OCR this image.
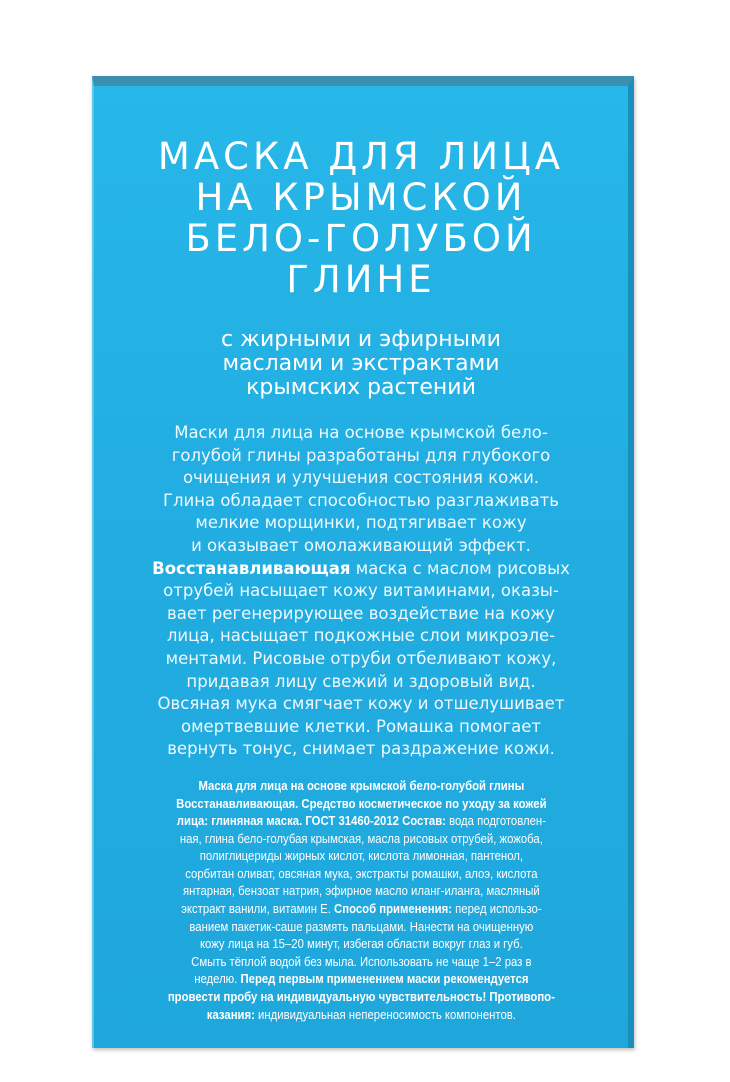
МАСКА ДЛЯ ЛИЦА
НА КРЫМСКОЙ
БЕЛО-ГОЛУБОЙ
ГЛИНЕ
с жирными и эфирными
маслами и экстрактами
крымских растений
Маски для лица на основе крымской бело-
голубой глины разработаны для глубокого
очищения и улучшения состояния кожи.
Глина обладает способностью разглаживать
мелкие морщинки, подтягивает кожу
и оказывает омолаживающий эффект.
Восстанавливающая маска с маслом рисовых
отрубей насыщает кожу витаминами, оказы-
вает регенерирующее воздействие на кожу
лица, насыщает подкожные слои микроэле-
ментами. Рисовые отруби отбеливают кожу,
придавая лицу свежий и здоровый вид.
Овсяная мука смягчает кожу и отшелушивает
омертвевшие клетки. Ромашка помогает
вернуть тонус, снимает раздражение кожи.
Маска для лица на основе крымской бело-голубой глины
Восстанавливающая. Средство косметическое по уходу за кожей
лица: глиняная маска. ГОСТ 31460-2012 Состав: вода подготовлен-
ная, глина бело-голубая крымская, масла рисовых отрубей, жожоба,
полиглицериды жирных кислот, кислота лимонная, пантенол,
сорбитан оливат, овсяная мука, экстракты ромашки, алоэ, кислота
янтарная, бензоат натрия, эфирное масло иланг-иланга, масляный
экстракт ванили, витамин Е. Способ применения: перед использо-
ванием пакетик-саше размять пальцами. Нанести на очищенную
кожу лица на 15–20 минут, избегая области вокруг глаз и губ.
Смыть тёплой водой без мыла. Использовать не чаще 1–2 раз в
неделю. Перед первым применением маски рекомендуется
провести пробу на индивидуальную чувствительность! Противопо-
казания: индивидуальная непереносимость компонентов.
